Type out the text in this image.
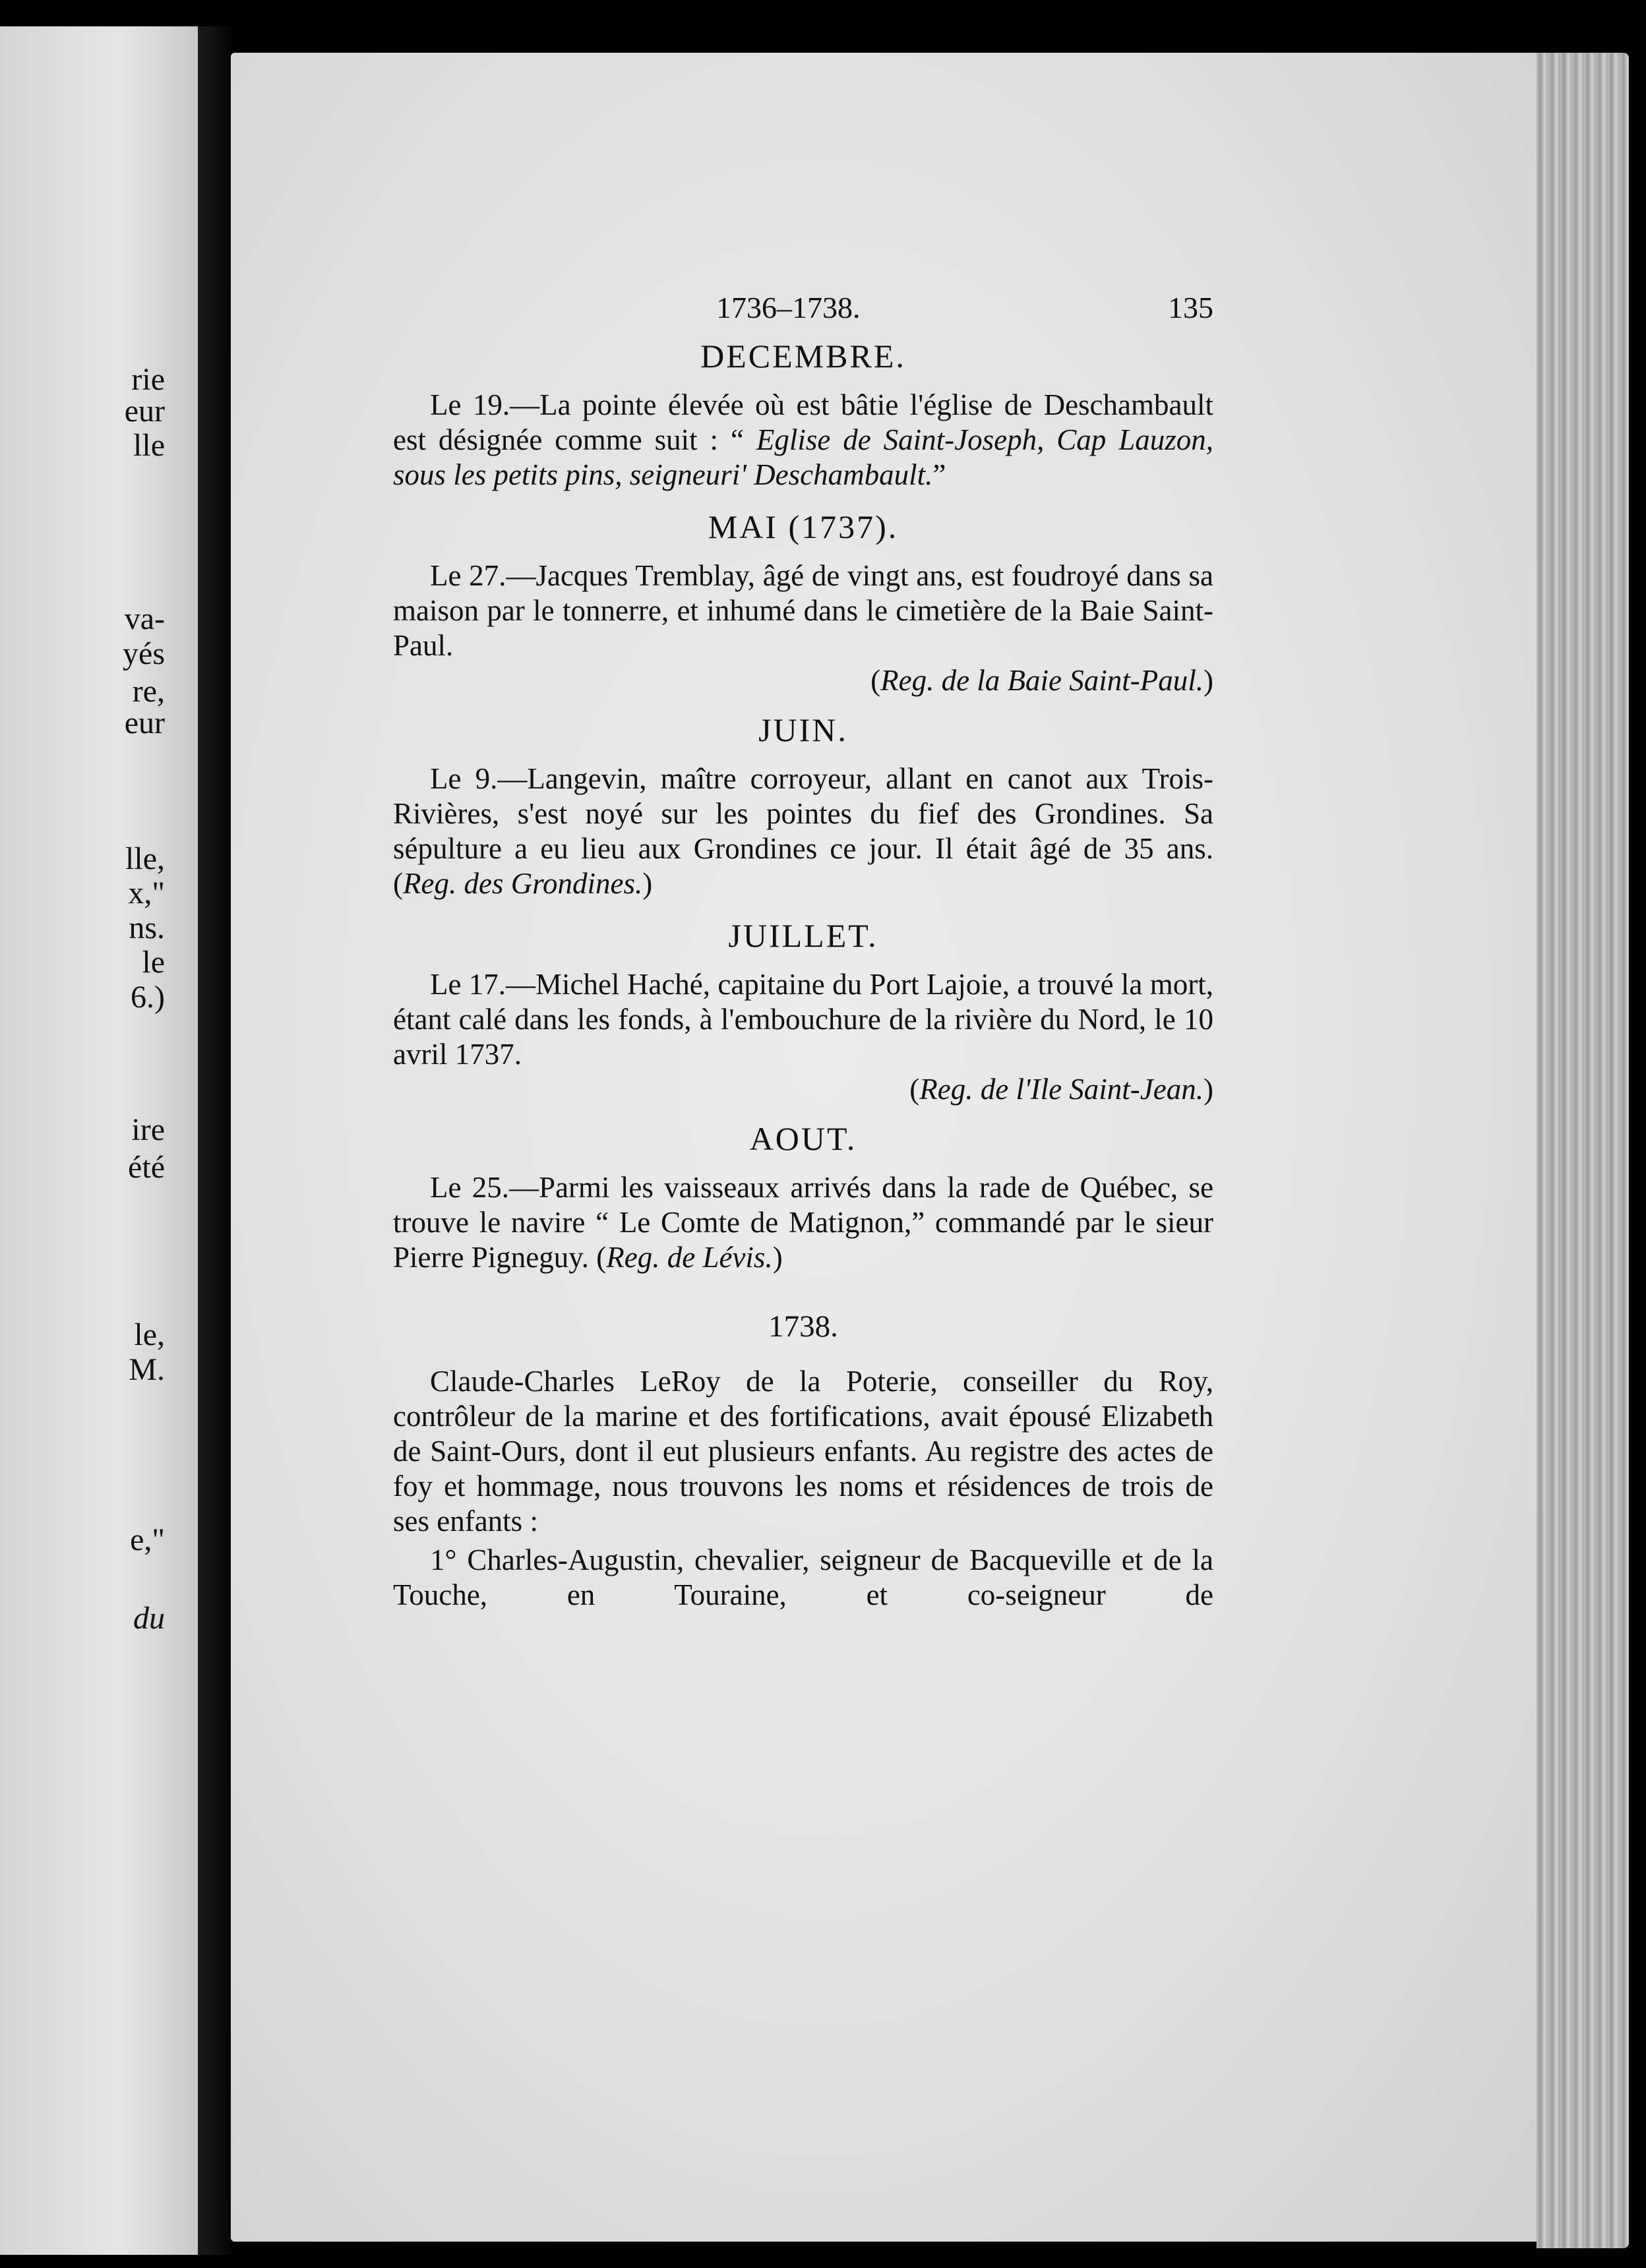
rie
eur
lle
va-
yés
re,
eur
lle,
x,"
ns.
le
6.)
ire
été
le,
M.
e,"
du
1736–1738.	135
DECEMBRE.

Le 19.—La pointe élevée où est bâtie l'église de Deschambault est désignée comme suit : “ Eglise de Saint-Joseph, Cap Lauzon, sous les petits pins, seigneuri' Deschambault.”

MAI (1737).

Le 27.—Jacques Tremblay, âgé de vingt ans, est foudroyé dans sa maison par le tonnerre, et inhumé dans le cimetière de la Baie Saint-Paul.

(Reg. de la Baie Saint-Paul.)
JUIN.

Le 9.—Langevin, maître corroyeur, allant en canot aux Trois-Rivières, s'est noyé sur les pointes du fief des Grondines. Sa sépulture a eu lieu aux Grondines ce jour. Il était âgé de 35 ans. (Reg. des Grondines.)

JUILLET.

Le 17.—Michel Haché, capitaine du Port Lajoie, a trouvé la mort, étant calé dans les fonds, à l'embouchure de la rivière du Nord, le 10 avril 1737.

(Reg. de l'Ile Saint-Jean.)
AOUT.

Le 25.—Parmi les vaisseaux arrivés dans la rade de Québec, se trouve le navire “ Le Comte de Matignon,” commandé par le sieur Pierre Pigneguy. (Reg. de Lévis.)

1738.

Claude-Charles LeRoy de la Poterie, conseiller du Roy, contrôleur de la marine et des fortifications, avait épousé Elizabeth de Saint-Ours, dont il eut plusieurs enfants. Au registre des actes de foy et hommage, nous trouvons les noms et résidences de trois de ses enfants :

1° Charles-Augustin, chevalier, seigneur de Bacqueville et de la Touche, en Touraine, et co-seigneur de
